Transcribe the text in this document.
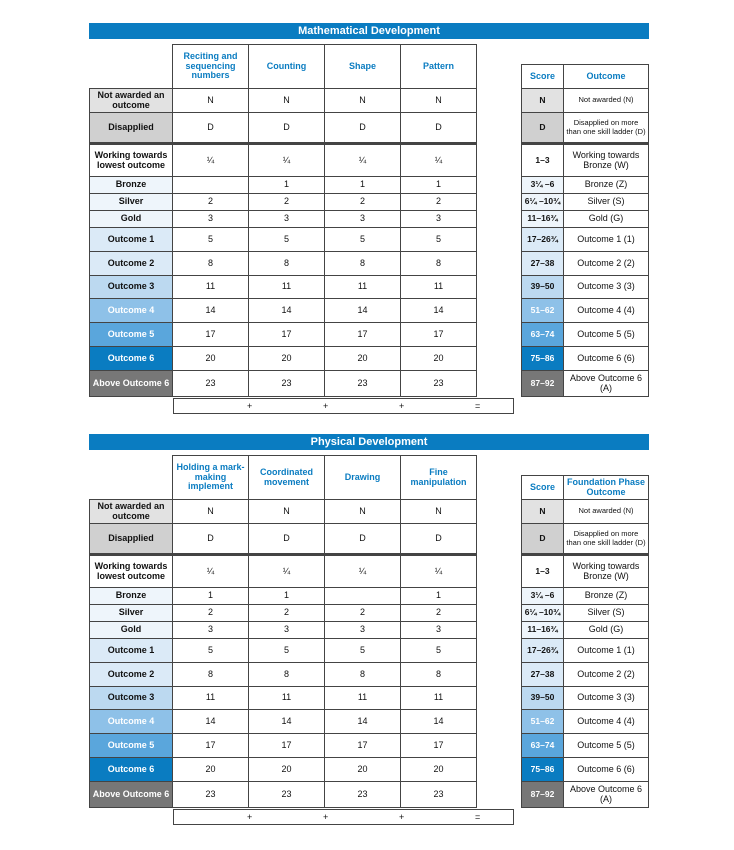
Mathematical Development
	Reciting and sequencing numbers	Counting	Shape	Pattern
Not awarded an outcome	N	N	N	N
Disapplied	D	D	D	D
Working towards lowest outcome	¼	¼	¼	¼
Bronze		1	1	1
Silver	2	2	2	2
Gold	3	3	3	3
Outcome 1	5	5	5	5
Outcome 2	8	8	8	8
Outcome 3	11	11	11	11
Outcome 4	14	14	14	14
Outcome 5	17	17	17	17
Outcome 6	20	20	20	20
Above Outcome 6	23	23	23	23
+	+	+	=
Score	Outcome
N	Not awarded (N)
D	Disapplied on more than one skill ladder (D)
1–3	Working towards Bronze (W)
3¼ –6	Bronze (Z)
6¼ –10¾	Silver (S)
11–16¾	Gold (G)
17–26¾	Outcome 1 (1)
27–38	Outcome 2 (2)
39–50	Outcome 3 (3)
51–62	Outcome 4 (4)
63–74	Outcome 5 (5)
75–86	Outcome 6 (6)
87–92	Above Outcome 6 (A)
Physical Development
	Holding a mark-making implement	Coordinated movement	Drawing	Fine manipulation
Not awarded an outcome	N	N	N	N
Disapplied	D	D	D	D
Working towards lowest outcome	¼	¼	¼	¼
Bronze	1	1		1
Silver	2	2	2	2
Gold	3	3	3	3
Outcome 1	5	5	5	5
Outcome 2	8	8	8	8
Outcome 3	11	11	11	11
Outcome 4	14	14	14	14
Outcome 5	17	17	17	17
Outcome 6	20	20	20	20
Above Outcome 6	23	23	23	23
+	+	+	=
Score	Foundation Phase Outcome
N	Not awarded (N)
D	Disapplied on more than one skill ladder (D)
1–3	Working towards Bronze (W)
3¼ –6	Bronze (Z)
6¼ –10¾	Silver (S)
11–16¾	Gold (G)
17–26¾	Outcome 1 (1)
27–38	Outcome 2 (2)
39–50	Outcome 3 (3)
51–62	Outcome 4 (4)
63–74	Outcome 5 (5)
75–86	Outcome 6 (6)
87–92	Above Outcome 6 (A)
